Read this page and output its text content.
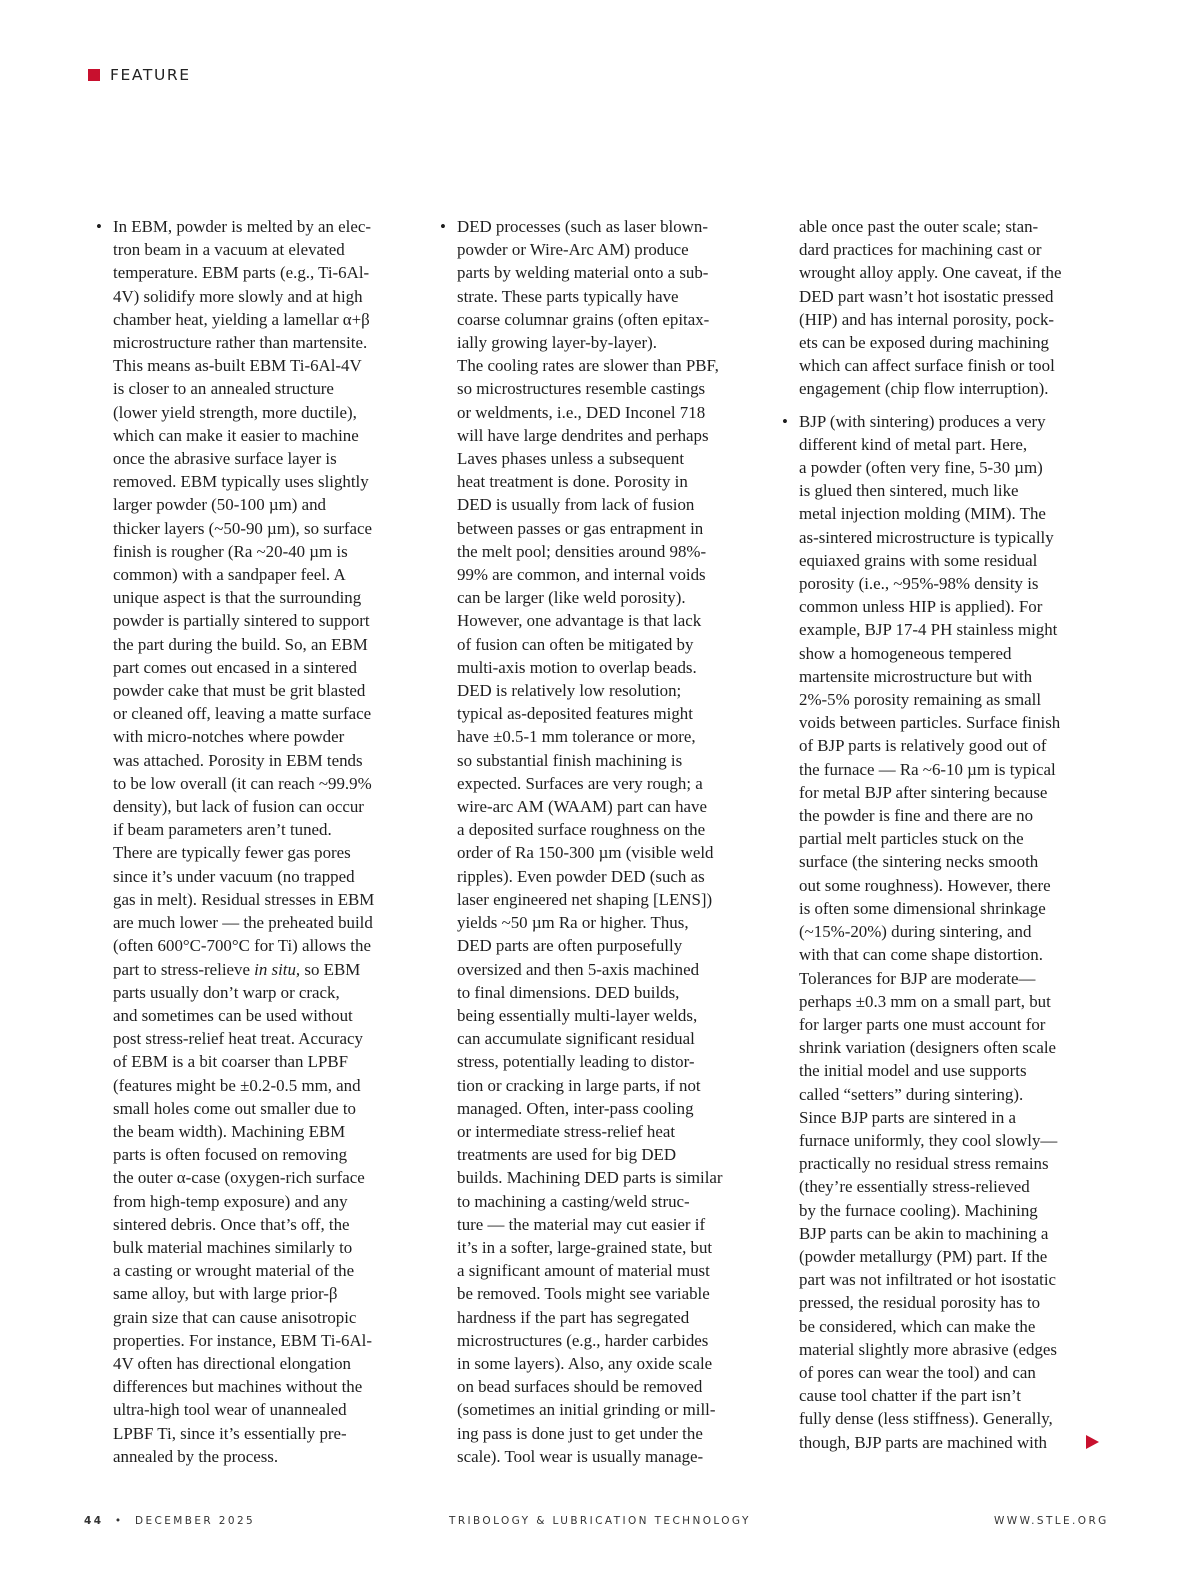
FEATURE
• In EBM, powder is melted by an elec-
tron beam in a vacuum at elevated
temperature. EBM parts (e.g., Ti-6Al-
4V) solidify more slowly and at high
chamber heat, yielding a lamellar α+β
microstructure rather than martensite.
This means as-built EBM Ti-6Al-4V
is closer to an annealed structure
(lower yield strength, more ductile),
which can make it easier to machine
once the abrasive surface layer is
removed. EBM typically uses slightly
larger powder (50-100 µm) and
thicker layers (~50-90 µm), so surface
finish is rougher (Ra ~20-40 µm is
common) with a sandpaper feel. A
unique aspect is that the surrounding
powder is partially sintered to support
the part during the build. So, an EBM
part comes out encased in a sintered
powder cake that must be grit blasted
or cleaned off, leaving a matte surface
with micro-notches where powder
was attached. Porosity in EBM tends
to be low overall (it can reach ~99.9%
density), but lack of fusion can occur
if beam parameters aren’t tuned.
There are typically fewer gas pores
since it’s under vacuum (no trapped
gas in melt). Residual stresses in EBM
are much lower — the preheated build
(often 600°C-700°C for Ti) allows the
part to stress-relieve in situ, so EBM
parts usually don’t warp or crack,
and sometimes can be used without
post stress-relief heat treat. Accuracy
of EBM is a bit coarser than LPBF
(features might be ±0.2-0.5 mm, and
small holes come out smaller due to
the beam width). Machining EBM
parts is often focused on removing
the outer α-case (oxygen-rich surface
from high-temp exposure) and any
sintered debris. Once that’s off, the
bulk material machines similarly to
a casting or wrought material of the
same alloy, but with large prior-β
grain size that can cause anisotropic
properties. For instance, EBM Ti-6Al-
4V often has directional elongation
differences but machines without the
ultra-high tool wear of unannealed
LPBF Ti, since it’s essentially pre-
annealed by the process.
• DED processes (such as laser blown-
powder or Wire-Arc AM) produce
parts by welding material onto a sub-
strate. These parts typically have
coarse columnar grains (often epitax-
ially growing layer-by-layer).
The cooling rates are slower than PBF,
so microstructures resemble castings
or weldments, i.e., DED Inconel 718
will have large dendrites and perhaps
Laves phases unless a subsequent
heat treatment is done. Porosity in
DED is usually from lack of fusion
between passes or gas entrapment in
the melt pool; densities around 98%-
99% are common, and internal voids
can be larger (like weld porosity).
However, one advantage is that lack
of fusion can often be mitigated by
multi-axis motion to overlap beads.
DED is relatively low resolution;
typical as-deposited features might
have ±0.5-1 mm tolerance or more,
so substantial finish machining is
expected. Surfaces are very rough; a
wire-arc AM (WAAM) part can have
a deposited surface roughness on the
order of Ra 150-300 µm (visible weld
ripples). Even powder DED (such as
laser engineered net shaping [LENS])
yields ~50 µm Ra or higher. Thus,
DED parts are often purposefully
oversized and then 5-axis machined
to final dimensions. DED builds,
being essentially multi-layer welds,
can accumulate significant residual
stress, potentially leading to distor-
tion or cracking in large parts, if not
managed. Often, inter-pass cooling
or intermediate stress-relief heat
treatments are used for big DED
builds. Machining DED parts is similar
to machining a casting/weld struc-
ture — the material may cut easier if
it’s in a softer, large-grained state, but
a significant amount of material must
be removed. Tools might see variable
hardness if the part has segregated
microstructures (e.g., harder carbides
in some layers). Also, any oxide scale
on bead surfaces should be removed
(sometimes an initial grinding or mill-
ing pass is done just to get under the
scale). Tool wear is usually manage-
able once past the outer scale; stan-
dard practices for machining cast or
wrought alloy apply. One caveat, if the
DED part wasn’t hot isostatic pressed
(HIP) and has internal porosity, pock-
ets can be exposed during machining
which can affect surface finish or tool
engagement (chip flow interruption).
• BJP (with sintering) produces a very
different kind of metal part. Here,
a powder (often very fine, 5-30 µm)
is glued then sintered, much like
metal injection molding (MIM). The
as-sintered microstructure is typically
equiaxed grains with some residual
porosity (i.e., ~95%-98% density is
common unless HIP is applied). For
example, BJP 17-4 PH stainless might
show a homogeneous tempered
martensite microstructure but with
2%-5% porosity remaining as small
voids between particles. Surface finish
of BJP parts is relatively good out of
the furnace — Ra ~6-10 µm is typical
for metal BJP after sintering because
the powder is fine and there are no
partial melt particles stuck on the
surface (the sintering necks smooth
out some roughness). However, there
is often some dimensional shrinkage
(~15%-20%) during sintering, and
with that can come shape distortion.
Tolerances for BJP are moderate—
perhaps ±0.3 mm on a small part, but
for larger parts one must account for
shrink variation (designers often scale
the initial model and use supports
called “setters” during sintering).
Since BJP parts are sintered in a
furnace uniformly, they cool slowly—
practically no residual stress remains
(they’re essentially stress-relieved
by the furnace cooling). Machining
BJP parts can be akin to machining a
(powder metallurgy (PM) part. If the
part was not infiltrated or hot isostatic
pressed, the residual porosity has to
be considered, which can make the
material slightly more abrasive (edges
of pores can wear the tool) and can
cause tool chatter if the part isn’t
fully dense (less stiffness). Generally,
though, BJP parts are machined with
44 • DECEMBER 2025	TRIBOLOGY & LUBRICATION TECHNOLOGY	WWW.STLE.ORG
